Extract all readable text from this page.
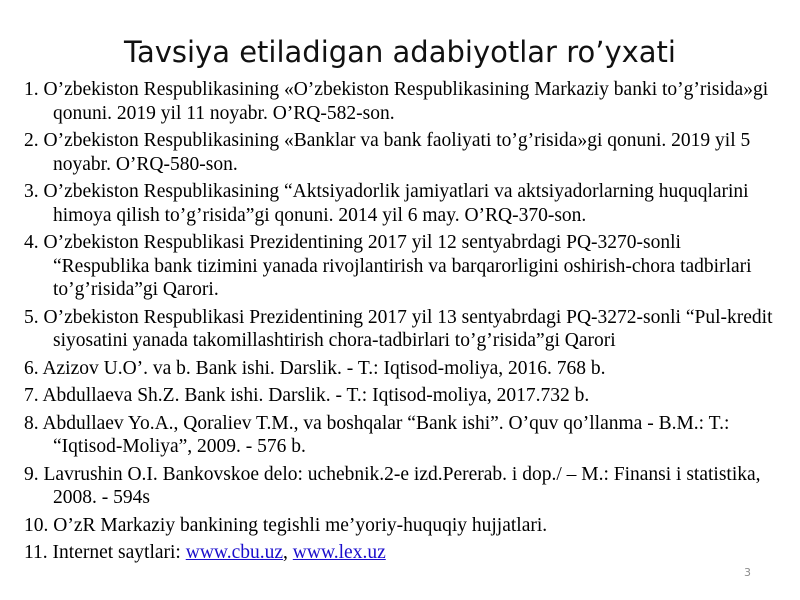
Tavsiya etiladigan adabiyotlar ro’yxati
1. O’zbekiston Respublikasining «O’zbekiston Respublikasining Markaziy banki to’g’risida»gi qonuni. 2019 yil 11 noyabr. O’RQ-582-son.
2. O’zbekiston Respublikasining «Banklar va bank faoliyati to’g’risida»gi qonuni. 2019 yil 5 noyabr. O’RQ-580-son.
3. O’zbekiston Respublikasining “Aktsiyadorlik jamiyatlari va aktsiyadorlarning huquqlarini himoya qilish to’g’risida”gi qonuni. 2014 yil 6 may. O’RQ-370-son.
4. O’zbekiston Respublikasi Prezidentining 2017 yil 12 sentyabrdagi PQ-3270-sonli “Respublika bank tizimini yanada rivojlantirish va barqarorligini oshirish-chora tadbirlari to’g’risida”gi Qarori.
5. O’zbekiston Respublikasi Prezidentining 2017 yil 13 sentyabrdagi PQ-3272-sonli “Pul-kredit siyosatini yanada takomillashtirish chora-tadbirlari to’g’risida”gi Qarori
6. Azizov U.O’. va b. Bank ishi. Darslik. - T.: Iqtisod-moliya, 2016. 768 b.
7. Abdullaeva Sh.Z. Bank ishi. Darslik. - T.: Iqtisod-moliya, 2017.732 b.
8. Abdullaev Yo.A., Qoraliev T.M., va boshqalar “Bank ishi”. O’quv qo’llanma - B.M.: T.: “Iqtisod-Moliya”, 2009. - 576 b.
9. Lavrushin O.I. Bankovskoe delo: uchebnik.2-e izd.Pererab. i dop./ – M.: Finansi i statistika, 2008. - 594s
10. O’zR Markaziy bankining tegishli me’yoriy-huquqiy hujjatlari.
11. Internet saytlari: www.cbu.uz, www.lex.uz
3
